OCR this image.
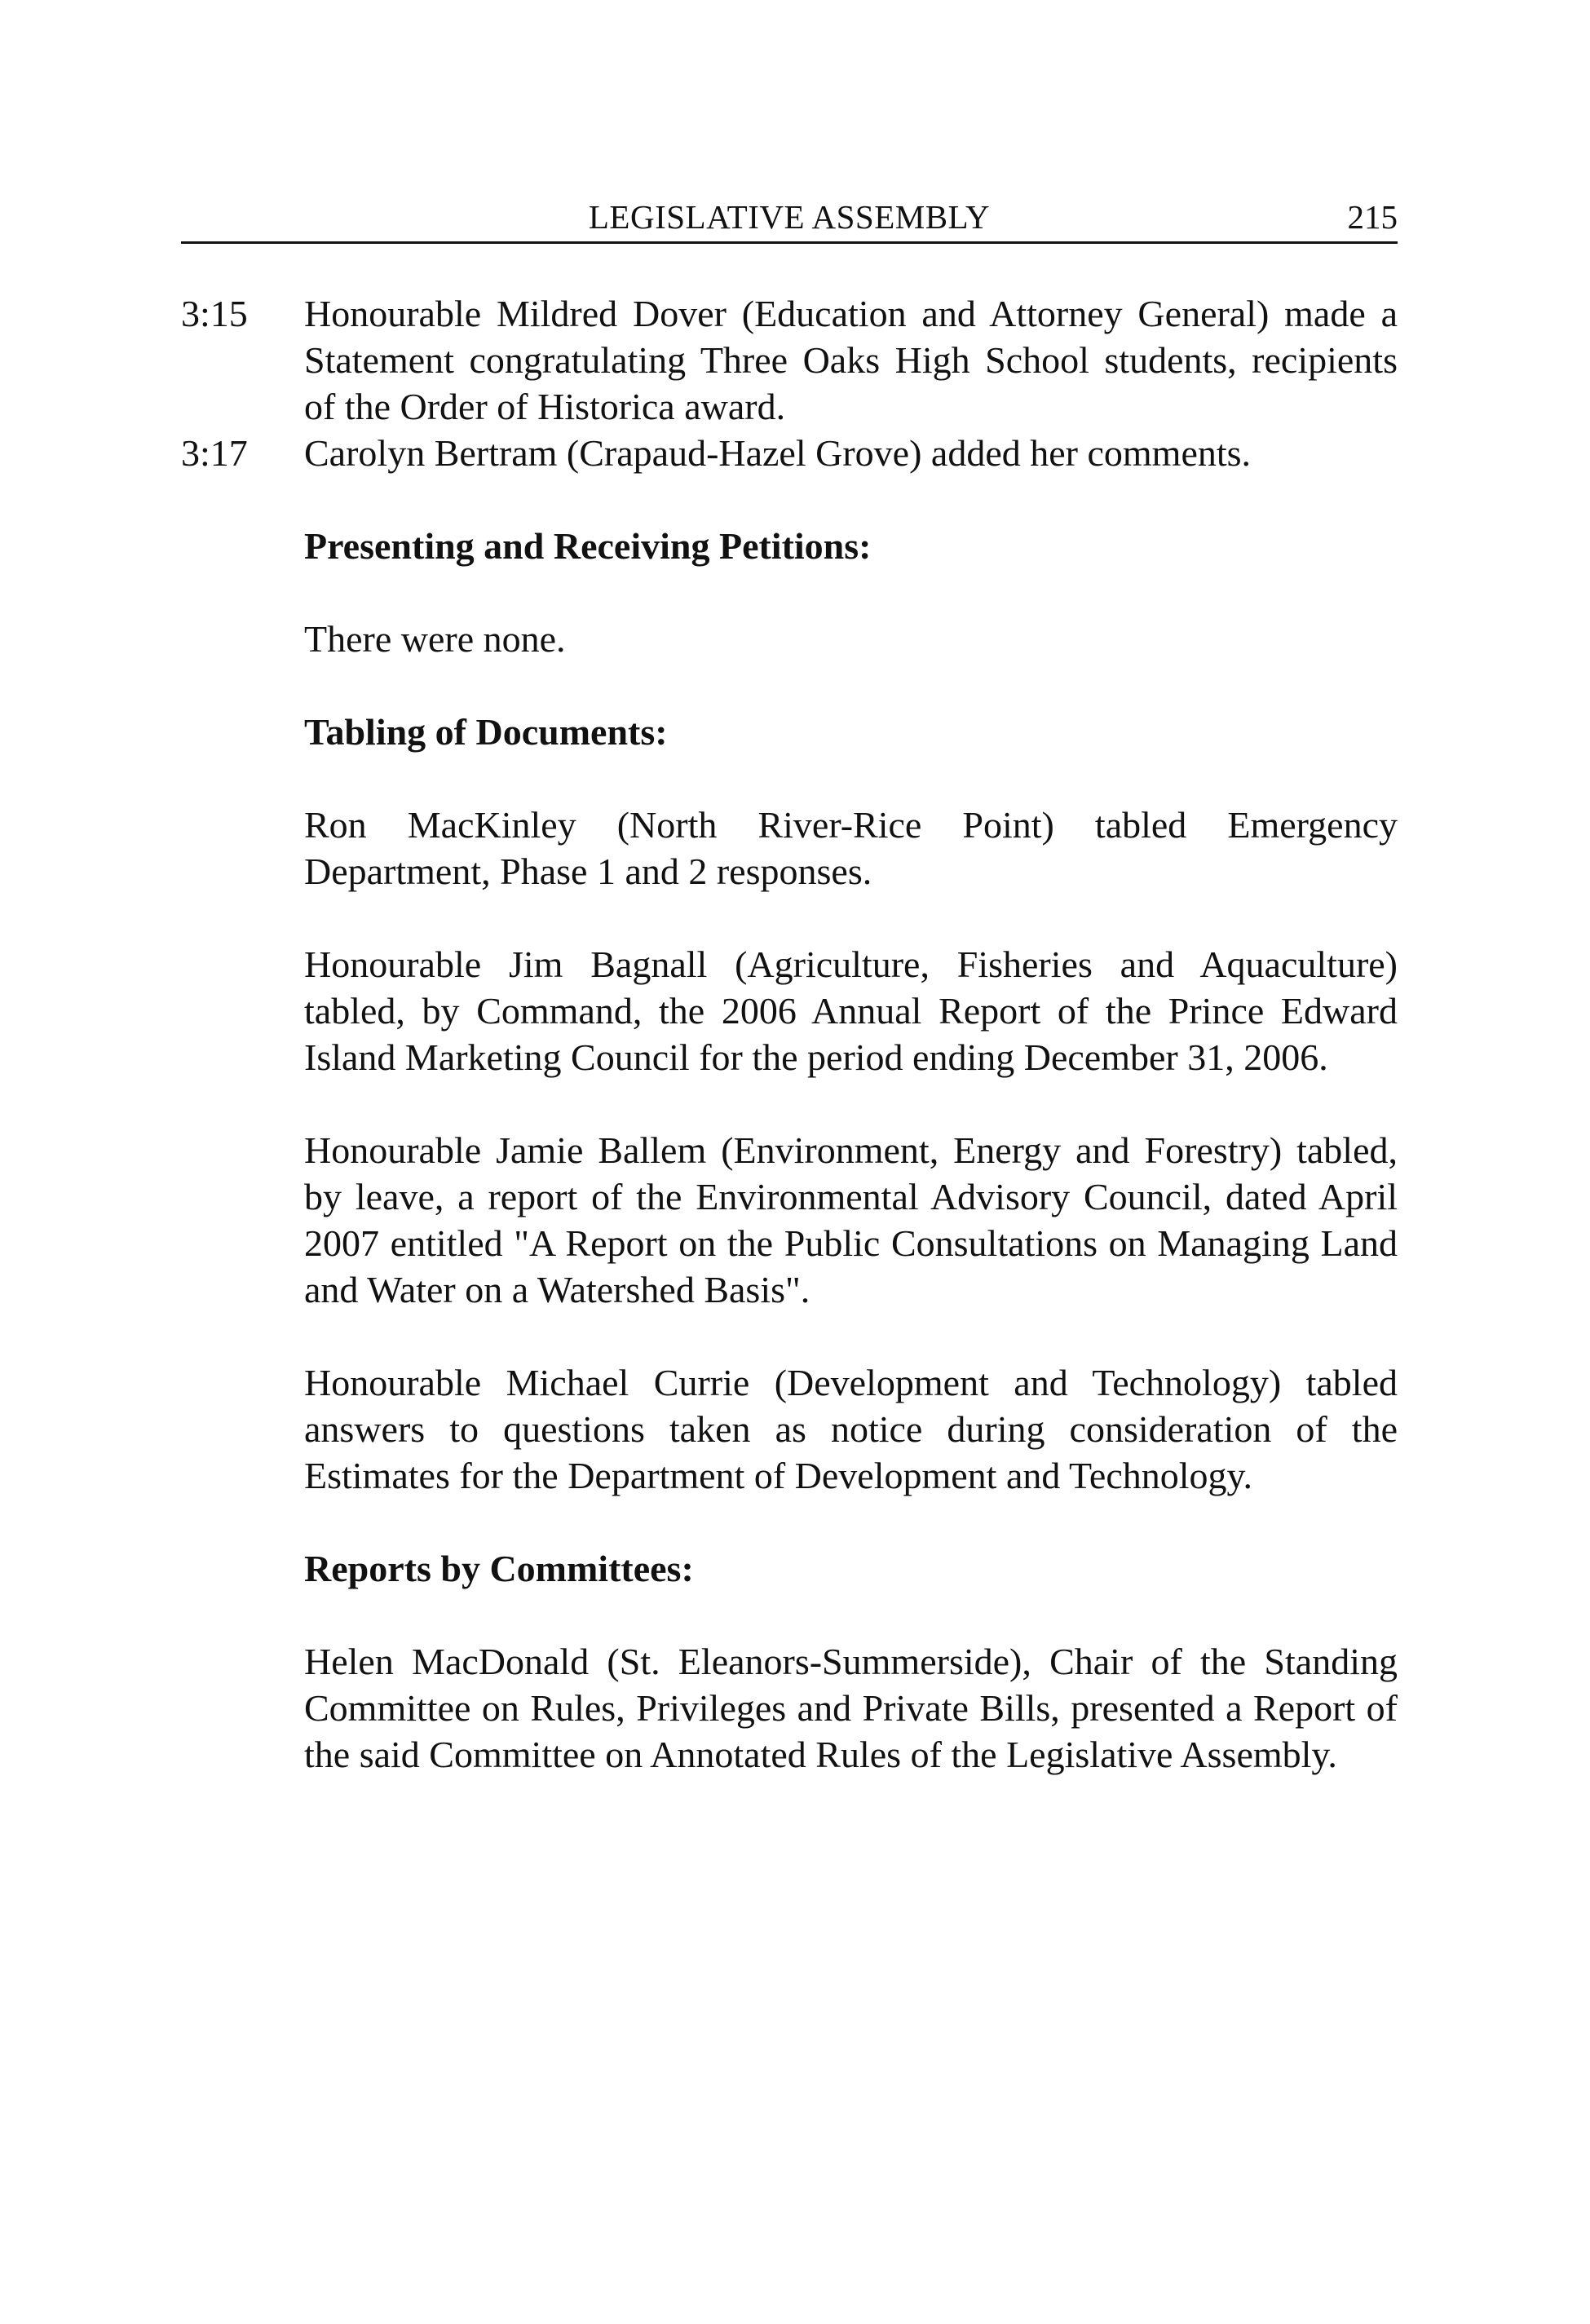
LEGISLATIVE ASSEMBLY	215
3:15	Honourable Mildred Dover (Education and Attorney General) made a Statement congratulating Three Oaks High School students, recipients of the Order of Historica award.
3:17	Carolyn Bertram (Crapaud-Hazel Grove) added her comments.
Presenting and Receiving Petitions:
There were none.
Tabling of Documents:
Ron MacKinley (North River-Rice Point) tabled Emergency Department, Phase 1 and 2 responses.
Honourable Jim Bagnall (Agriculture, Fisheries and Aquaculture) tabled, by Command, the 2006 Annual Report of the Prince Edward Island Marketing Council for the period ending December 31, 2006.
Honourable Jamie Ballem (Environment, Energy and Forestry) tabled, by leave, a report of the Environmental Advisory Council, dated April 2007 entitled "A Report on the Public Consultations on Managing Land and Water on a Watershed Basis".
Honourable Michael Currie (Development and Technology) tabled answers to questions taken as notice during consideration of the Estimates for the Department of Development and Technology.
Reports by Committees:
Helen MacDonald (St. Eleanors-Summerside), Chair of the Standing Committee on Rules, Privileges and Private Bills, presented a Report of the said Committee on Annotated Rules of the Legislative Assembly.
